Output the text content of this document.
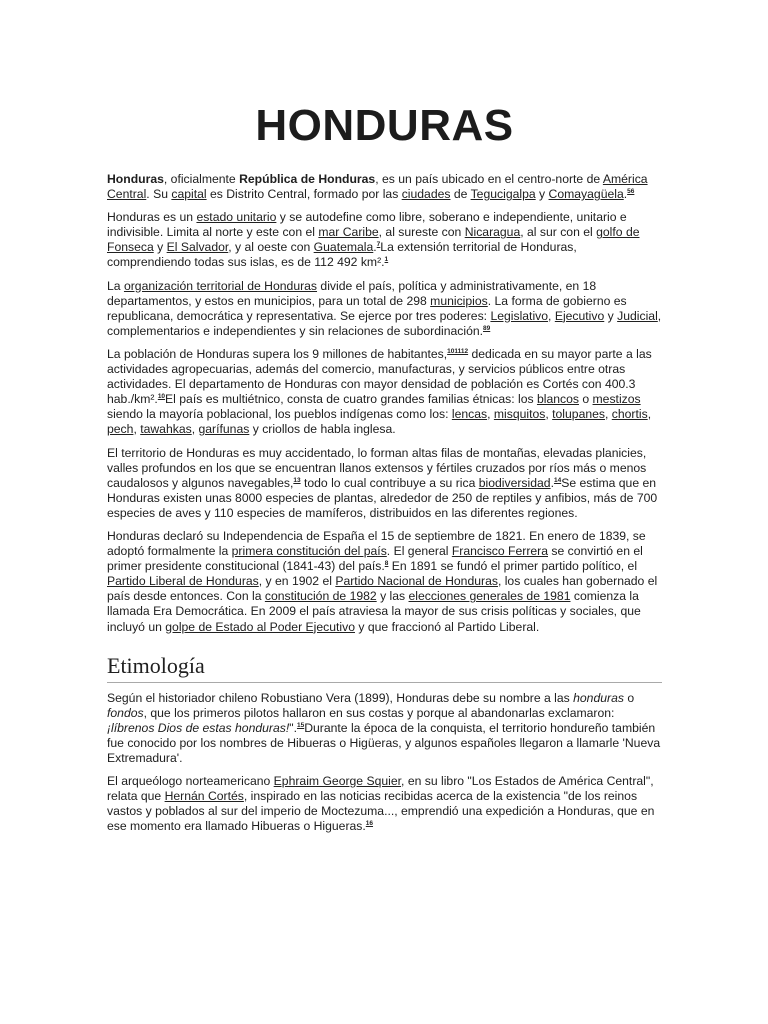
HONDURAS

Honduras, oficialmente República de Honduras, es un país ubicado en el centro-norte de América Central. Su capital es Distrito Central, formado por las ciudades de Tegucigalpa y Comayagüela.$^{56}$

Honduras es un estado unitario y se autodefine como libre, soberano e independiente, unitario e indivisible. Limita al norte y este con el mar Caribe, al sureste con Nicaragua, al sur con el golfo de Fonseca y El Salvador, y al oeste con Guatemala.$^7$La extensión territorial de Honduras, comprendiendo todas sus islas, es de 112 492 km².$^1$

La organización territorial de Honduras divide el país, política y administrativamente, en 18 departamentos, y estos en municipios, para un total de 298 municipios. La forma de gobierno es republicana, democrática y representativa. Se ejerce por tres poderes: Legislativo, Ejecutivo y Judicial, complementarios e independientes y sin relaciones de subordinación.$^{89}$

La población de Honduras supera los 9 millones de habitantes,$^{101112}$ dedicada en su mayor parte a las actividades agropecuarias, además del comercio, manufacturas, y servicios públicos entre otras actividades. El departamento de Honduras con mayor densidad de población es Cortés con 400.3 hab./km².$^{10}$El país es multiétnico, consta de cuatro grandes familias étnicas: los blancos o mestizos siendo la mayoría poblacional, los pueblos indígenas como los: lencas, misquitos, tolupanes, chortis, pech, tawahkas, garífunas y criollos de habla inglesa.

El territorio de Honduras es muy accidentado, lo forman altas filas de montañas, elevadas planicies, valles profundos en los que se encuentran llanos extensos y fértiles cruzados por ríos más o menos caudalosos y algunos navegables,$^{13}$ todo lo cual contribuye a su rica biodiversidad.$^{14}$Se estima que en Honduras existen unas 8000 especies de plantas, alrededor de 250 de reptiles y anfibios, más de 700 especies de aves y 110 especies de mamíferos, distribuidos en las diferentes regiones.

Honduras declaró su Independencia de España el 15 de septiembre de 1821. En enero de 1839, se adoptó formalmente la primera constitución del país. El general Francisco Ferrera se convirtió en el primer presidente constitucional (1841-43) del país.$^8$ En 1891 se fundó el primer partido político, el Partido Liberal de Honduras, y en 1902 el Partido Nacional de Honduras, los cuales han gobernado el país desde entonces. Con la constitución de 1982 y las elecciones generales de 1981 comienza la llamada Era Democrática. En 2009 el país atraviesa la mayor de sus crisis políticas y sociales, que incluyó un golpe de Estado al Poder Ejecutivo y que fraccionó al Partido Liberal.

Etimología

Según el historiador chileno Robustiano Vera (1899), Honduras debe su nombre a las honduras o fondos, que los primeros pilotos hallaron en sus costas y porque al abandonarlas exclamaron: ¡líbrenos Dios de estas honduras!".$^{15}$Durante la época de la conquista, el territorio hondureño también fue conocido por los nombres de Hibueras o Higüeras, y algunos españoles llegaron a llamarle 'Nueva Extremadura'.

El arqueólogo norteamericano Ephraim George Squier, en su libro "Los Estados de América Central", relata que Hernán Cortés, inspirado en las noticias recibidas acerca de la existencia "de los reinos vastos y poblados al sur del imperio de Moctezuma..., emprendió una expedición a Honduras, que en ese momento era llamado Hibueras o Higueras.$^{16}$
